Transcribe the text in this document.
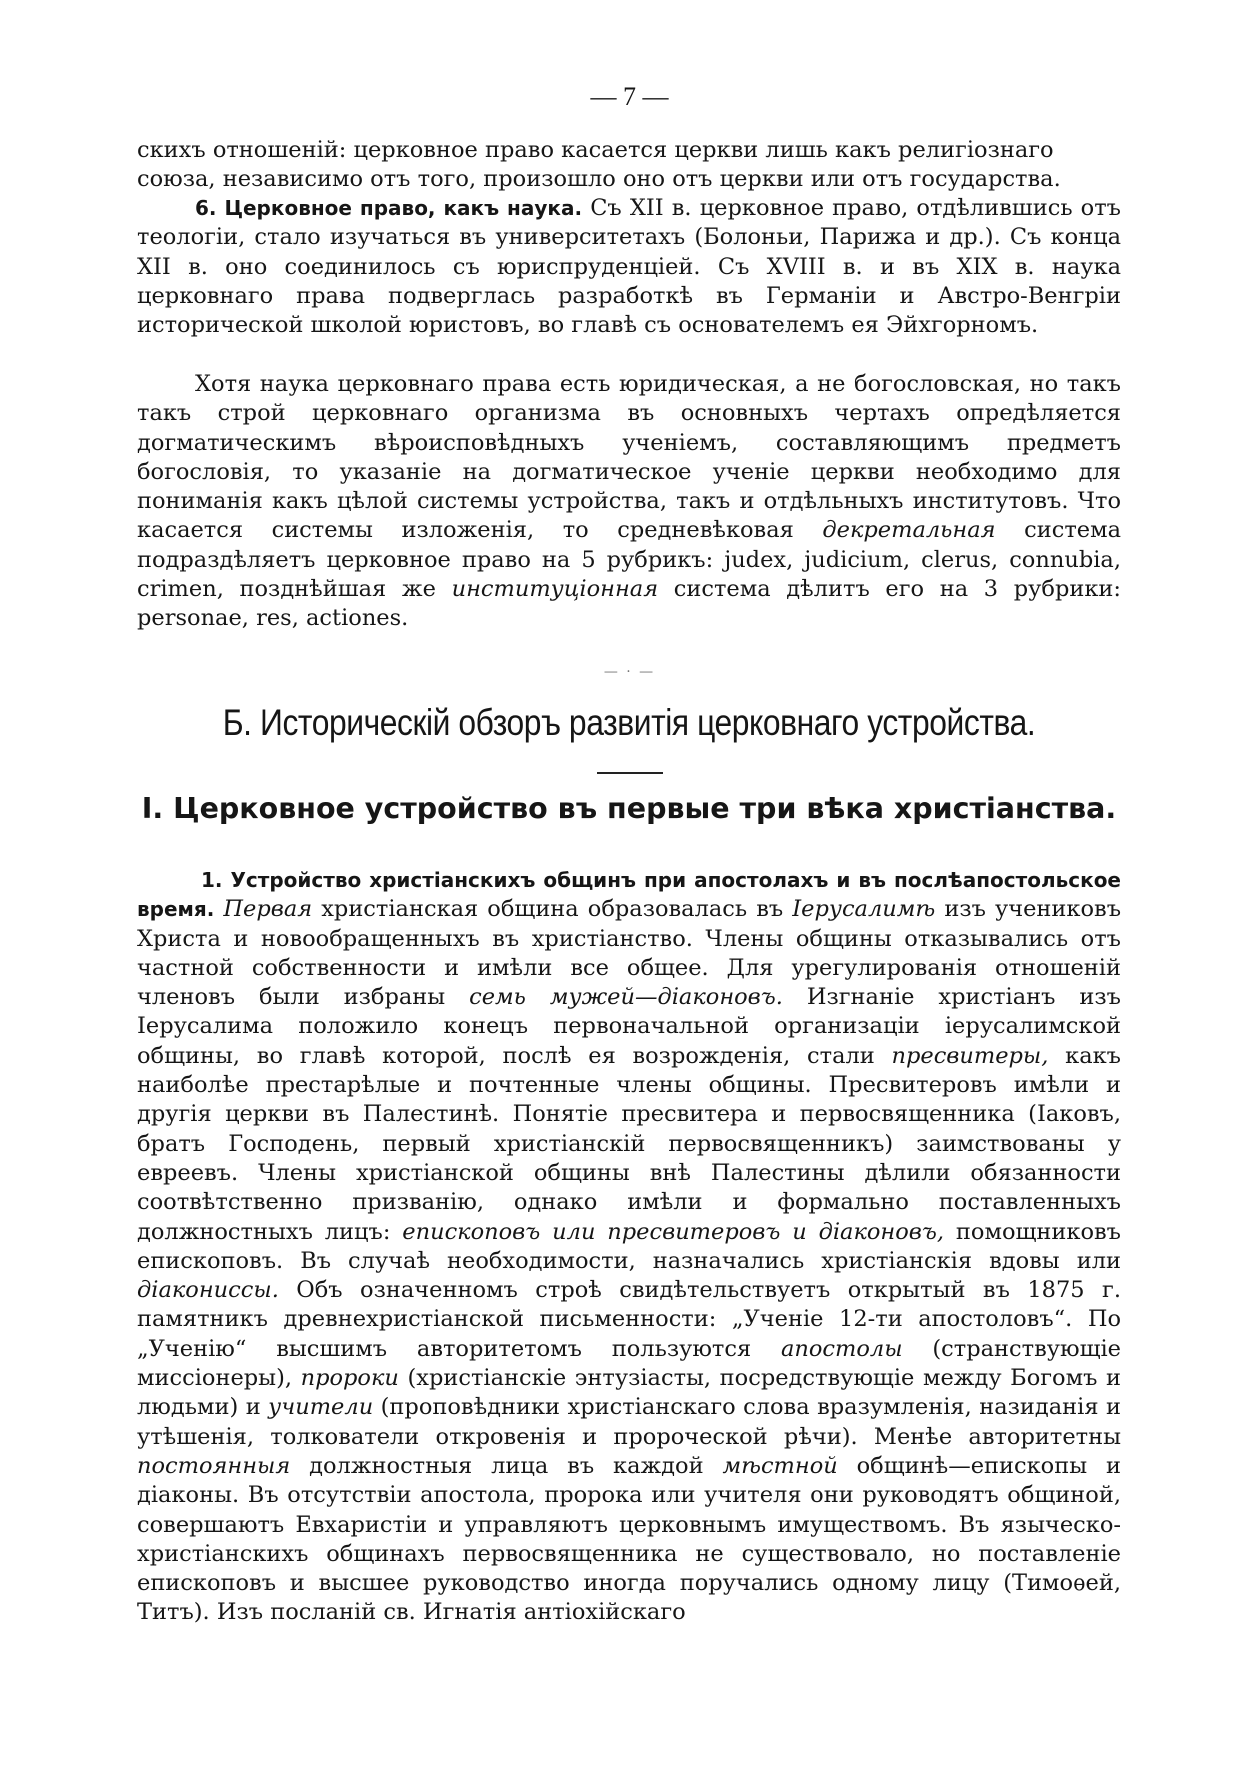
— 7 —

скихъ отношеній: церковное право касается церкви лишь какъ религіознаго

союза, независимо отъ того, произошло оно отъ церкви или отъ государства.

6. Церковное право, какъ наука. Съ XII в. церковное право, отдѣлившись отъ теологіи, стало изучаться въ университетахъ (Болоньи, Парижа и др.). Съ конца XII в. оно соединилось съ юриспруденціей. Съ XVIII в. и въ XIX в. наука церковнаго права подверглась разработкѣ въ Германіи и Австро-Венгріи исторической школой юристовъ, во главѣ съ основателемъ ея Эйхгорномъ.

Хотя наука церковнаго права есть юридическая, а не богословская, но такъ такъ строй церковнаго организма въ основныхъ чертахъ опредѣляется догматическимъ вѣроисповѣдныхъ ученіемъ, составляющимъ предметъ богословія, то указаніе на догматическое ученіе церкви необходимо для пониманія какъ цѣлой системы устройства, такъ и отдѣльныхъ институтовъ. Что касается системы изложенія, то средневѣковая декретальная система подраздѣляетъ церковное право на 5 рубрикъ: judex, judicium, clerus, connubia, crimen, позднѣйшая же институціонная система дѣлитъ его на 3 рубрики: personae, res, actiones.

— · —
Б. Историческій обзоръ развитія церковнаго устройства.
I. Церковное устройство въ первые три вѣка христіанства.

1. Устройство христіанскихъ общинъ при апостолахъ и въ послѣапостольское время. Первая христіанская община образовалась въ Іерусалимѣ изъ учениковъ Христа и новообращенныхъ въ христіанство. Члены общины отказывались отъ частной собственности и имѣли все общее. Для урегулированія отношеній членовъ были избраны семь мужей—діаконовъ. Изгнаніе христіанъ изъ Іерусалима положило конецъ первоначальной организаціи іерусалимской общины, во главѣ которой, послѣ ея возрожденія, стали пресвитеры, какъ наиболѣе престарѣлые и почтенные члены общины. Пресвитеровъ имѣли и другія церкви въ Палестинѣ. Понятіе пресвитера и первосвященника (Іаковъ, братъ Господень, первый христіанскій первосвященникъ) заимствованы у евреевъ. Члены христіанской общины внѣ Палестины дѣлили обязанности соотвѣтственно призванію, однако имѣли и формально поставленныхъ должностныхъ лицъ: епископовъ или пресвитеровъ и діаконовъ, помощниковъ епископовъ. Въ случаѣ необходимости, назначались христіанскія вдовы или діакониссы. Объ означенномъ строѣ свидѣтельствуетъ открытый въ 1875 г. памятникъ древнехристіанской письменности: „Ученіе 12-ти апостоловъ“. По „Ученію“ высшимъ авторитетомъ пользуются апостолы (странствующіе миссіонеры), пророки (христіанскіе энтузіасты, посредствующіе между Богомъ и людьми) и учители (проповѣдники христіанскаго слова вразумленія, назиданія и утѣшенія, толкователи откровенія и пророческой рѣчи). Менѣе авторитетны постоянныя должностныя лица въ каждой мѣстной общинѣ—епископы и діаконы. Въ отсутствіи апостола, пророка или учителя они руководятъ общиной, совершаютъ Евхаристіи и управляютъ церковнымъ имуществомъ. Въ языческо-христіанскихъ общинахъ первосвященника не существовало, но поставленіе епископовъ и высшее руководство иногда поручались одному лицу (Тимоѳей, Титъ). Изъ посланій св. Игнатія антіохійскаго
